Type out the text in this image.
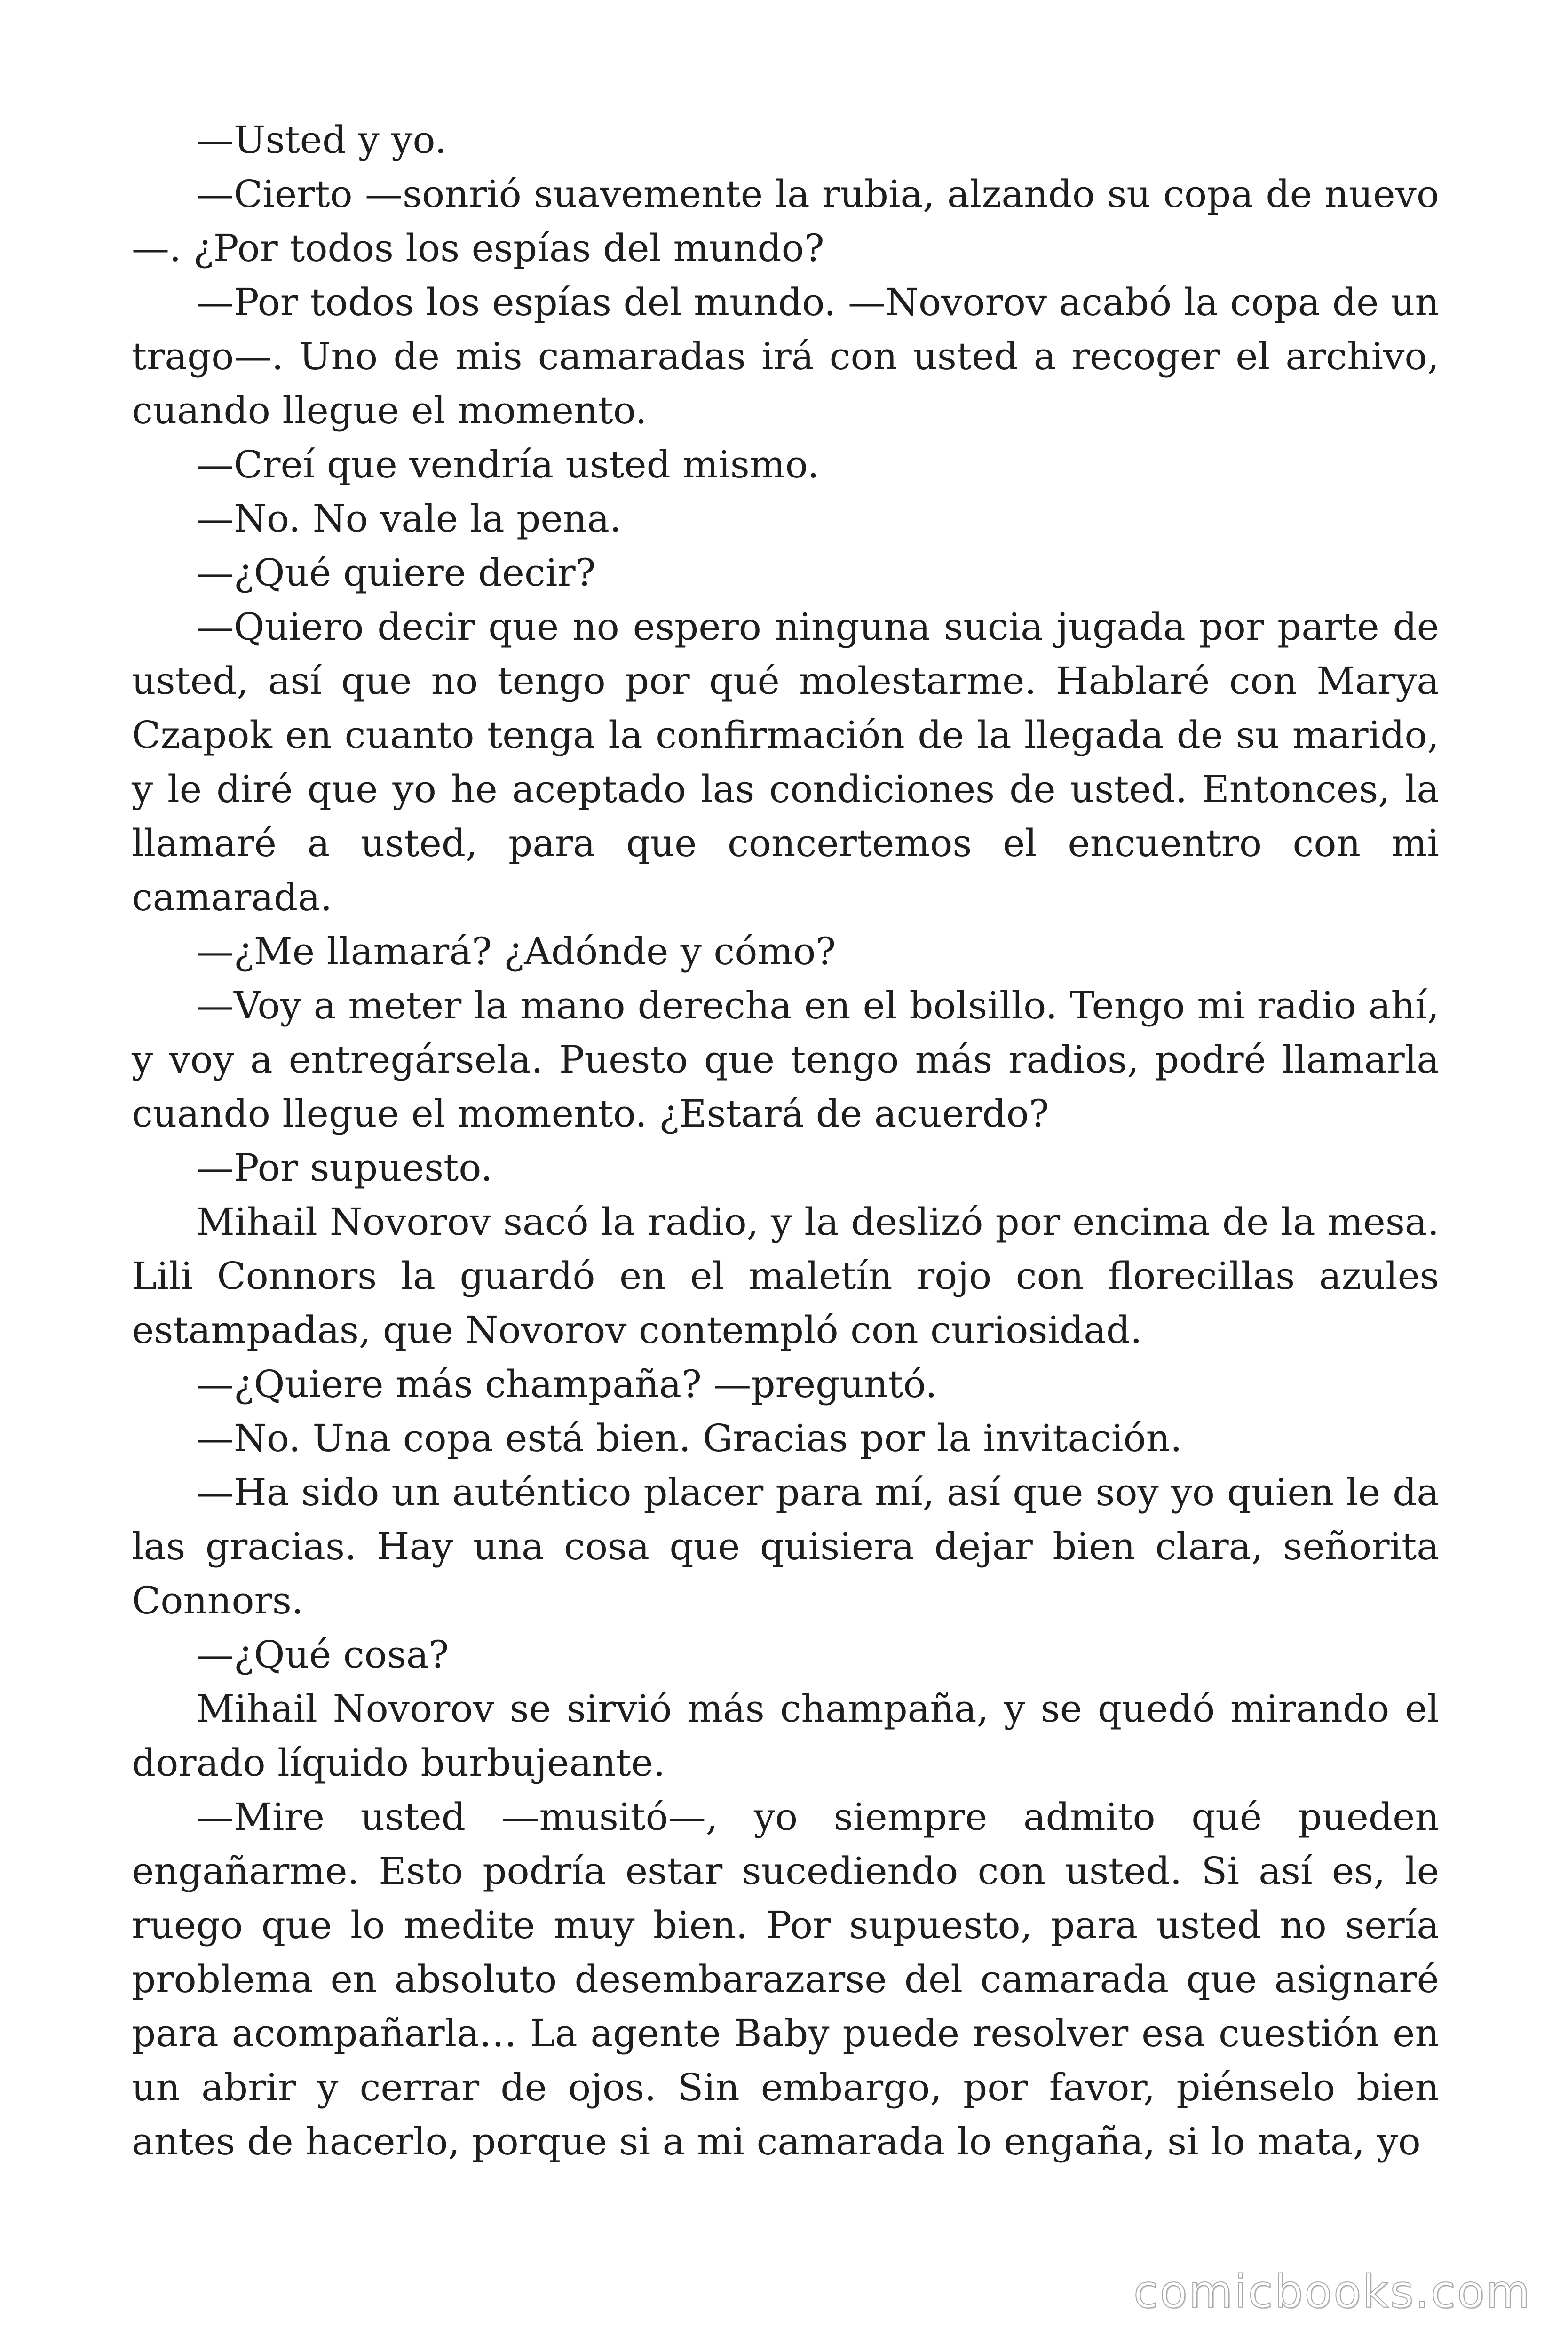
—Usted y yo.

—Cierto —sonrió suavemente la rubia, alzando su copa de nuevo—. ¿Por todos los espías del mundo?

—Por todos los espías del mundo. —Novorov acabó la copa de un trago—. Uno de mis camaradas irá con usted a recoger el archivo, cuando llegue el momento.

—Creí que vendría usted mismo.

—No. No vale la pena.

—¿Qué quiere decir?

—Quiero decir que no espero ninguna sucia jugada por parte de usted, así que no tengo por qué molestarme. Hablaré con Marya Czapok en cuanto tenga la confirmación de la llegada de su marido, y le diré que yo he aceptado las condiciones de usted. Entonces, la llamaré a usted, para que concertemos el encuentro con mi camarada.

—¿Me llamará? ¿Adónde y cómo?

—Voy a meter la mano derecha en el bolsillo. Tengo mi radio ahí, y voy a entregársela. Puesto que tengo más radios, podré llamarla cuando llegue el momento. ¿Estará de acuerdo?

—Por supuesto.

Mihail Novorov sacó la radio, y la deslizó por encima de la mesa. Lili Connors la guardó en el maletín rojo con florecillas azules estampadas, que Novorov contempló con curiosidad.

—¿Quiere más champaña? —preguntó.

—No. Una copa está bien. Gracias por la invitación.

—Ha sido un auténtico placer para mí, así que soy yo quien le da las gracias. Hay una cosa que quisiera dejar bien clara, señorita Connors.

—¿Qué cosa?

Mihail Novorov se sirvió más champaña, y se quedó mirando el dorado líquido burbujeante.

—Mire usted —musitó—, yo siempre admito qué pueden engañarme. Esto podría estar sucediendo con usted. Si así es, le ruego que lo medite muy bien. Por supuesto, para usted no sería problema en absoluto desembarazarse del camarada que asignaré para acompañarla… La agente Baby puede resolver esa cuestión en un abrir y cerrar de ojos. Sin embargo, por favor, piénselo bien antes de hacerlo, porque si a mi camarada lo engaña, si lo mata, yo

comicbooks.com
